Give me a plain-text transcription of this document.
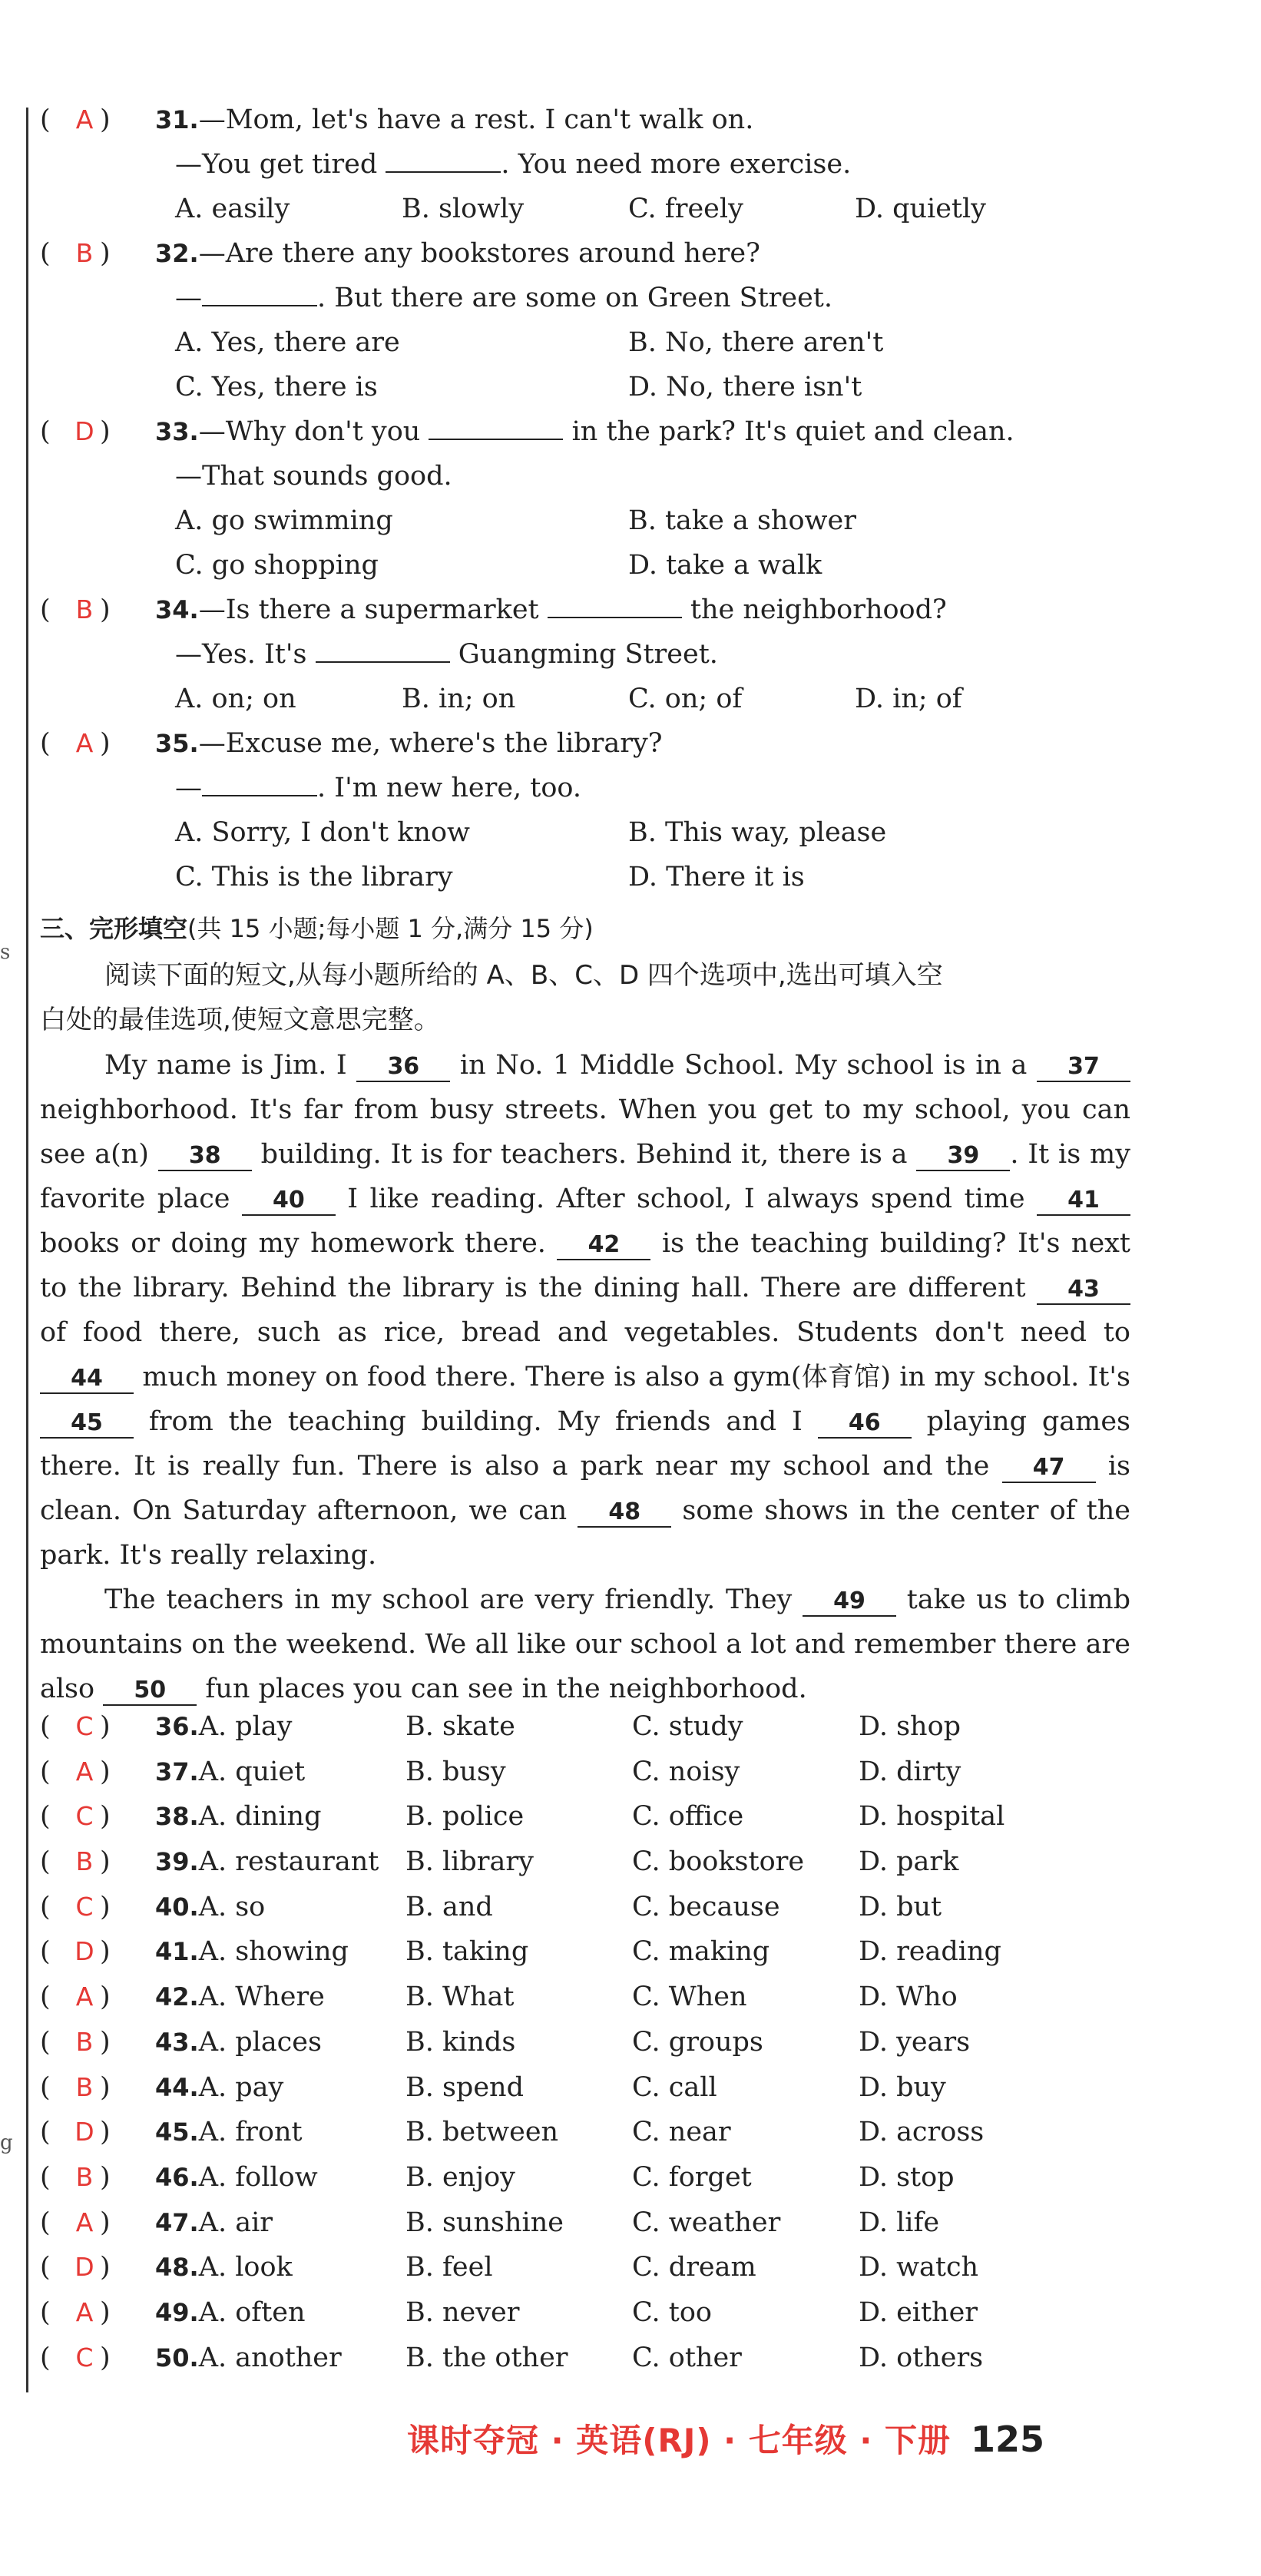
s
g
(	A ) 31. —Mom, let's have a rest. I can't walk on.
—You get tired
	. You need more exercise.
A. easily	B. slowly	C. freely	D. quietly
(	B ) 32. —Are there any bookstores around here?
—	. But there are some on Green Street.
A. Yes, there are	B. No, there aren't
C. Yes, there is	D. No, there isn't
( D ) 33. —Why don't you

	in the park? It's quiet and clean.
—That sounds good.
A. go swimming	B. take a shower
C. go shopping	D. take a walk
(	B ) 34. —Is there a supermarket

	the neighborhood?
—Yes. It's

	Guangming Street.
A. on; on	B. in; on	C. on; of	D. in; of
(	A ) 35. —Excuse me, where's the library?
—	. I'm new here, too.
A. Sorry, I don't know	B. This way, please
C. This is the library	D. There it is
三、完形填空 (共 15 小题;每小题 1 分,满分 15 分)
阅读下面的短文,从每小题所给的 A、B、C、D 四个选项中,选出可填入空
白处的最佳选项,使短文意思完整。

My name is Jim. I 36 in No. 1 Middle School. My school is in a 37 neighborhood. It's far from busy streets. When you get to my school, you can see a(n) 38 building. It is for teachers. Behind it, there is a 39 . It is my favorite place 40 I like reading. After school, I always spend time 41 books or doing my homework there. 42 is the teaching building? It's next to the library. Behind the library is the dining hall. There are different 43 of food there, such as rice, bread and vegetables. Students don't need to 44 much money on food there. There is also a gym(体育馆) in my school. It's 45 from the teaching building. My friends and I 46 playing games there. It is really fun. There is also a park near my school and the 47 is clean. On Saturday afternoon, we can 48 some shows in the center of the park. It's really relaxing.

The teachers in my school are very friendly. They 49 take us to climb mountains on the weekend. We all like our school a lot and remember there are also 50 fun places you can see in the neighborhood.

( C ) 36.A. play	B. skate	C. study	D. shop
(	A ) 37.A. quiet	B. busy	C. noisy	D. dirty
( C ) 38.A. dining	B. police	C. office	D. hospital
(	B ) 39.A. restaurant B. library	C. bookstore	D. park
( C ) 40.A. so	B. and	C. because	D. but
( D ) 41.A. showing	B. taking	C. making	D. reading
(	A ) 42.A. Where	B. What	C. When	D. Who
(	B ) 43.A. places	B. kinds	C. groups	D. years
(	B ) 44.A. pay	B. spend	C. call	D. buy
( D ) 45.A. front	B. between	C. near	D. across
(	B ) 46.A. follow	B. enjoy	C. forget	D. stop
(	A ) 47.A. air	B. sunshine	C. weather	D. life
( D ) 48.A. look	B. feel	C. dream	D. watch
(	A ) 49.A. often	B. never	C. too	D. either
( C ) 50.A. another	B. the other	C. other	D. others
课时夺冠 · 英语(RJ) · 七年级 · 下册 125
